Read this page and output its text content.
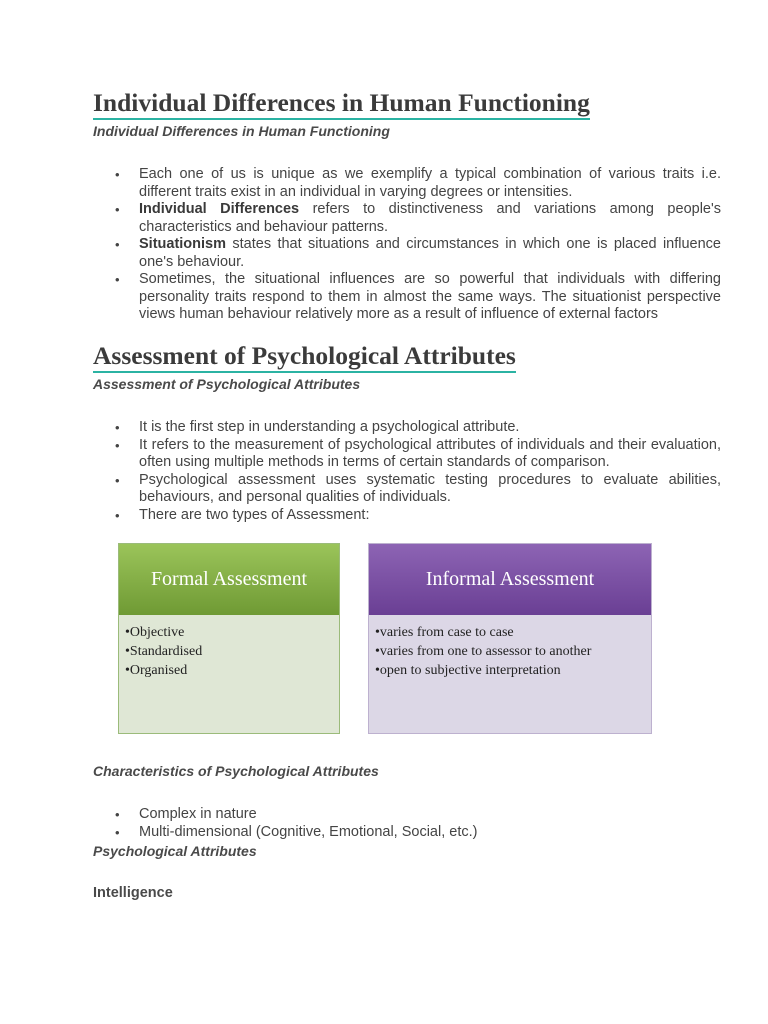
Individual Differences in Human Functioning
Individual Differences in Human Functioning
• Each one of us is unique as we exemplify a typical combination of various traits i.e. different traits exist in an individual in varying degrees or intensities.
• Individual Differences refers to distinctiveness and variations among people's characteristics and behaviour patterns.
• Situationism states that situations and circumstances in which one is placed influence one's behaviour.
• Sometimes, the situational influences are so powerful that individuals with differing personality traits respond to them in almost the same ways. The situationist perspective views human behaviour relatively more as a result of influence of external factors
Assessment of Psychological Attributes
Assessment of Psychological Attributes
• It is the first step in understanding a psychological attribute.
• It refers to the measurement of psychological attributes of individuals and their evaluation, often using multiple methods in terms of certain standards of comparison.
• Psychological assessment uses systematic testing procedures to evaluate abilities, behaviours, and personal qualities of individuals.
• There are two types of Assessment:
Formal Assessment
• Objective
• Standardised
• Organised
Informal Assessment
• varies from case to case
• varies from one to assessor to another
• open to subjective interpretation
Characteristics of Psychological Attributes
• Complex in nature
• Multi-dimensional (Cognitive, Emotional, Social, etc.)
Psychological Attributes
Intelligence
